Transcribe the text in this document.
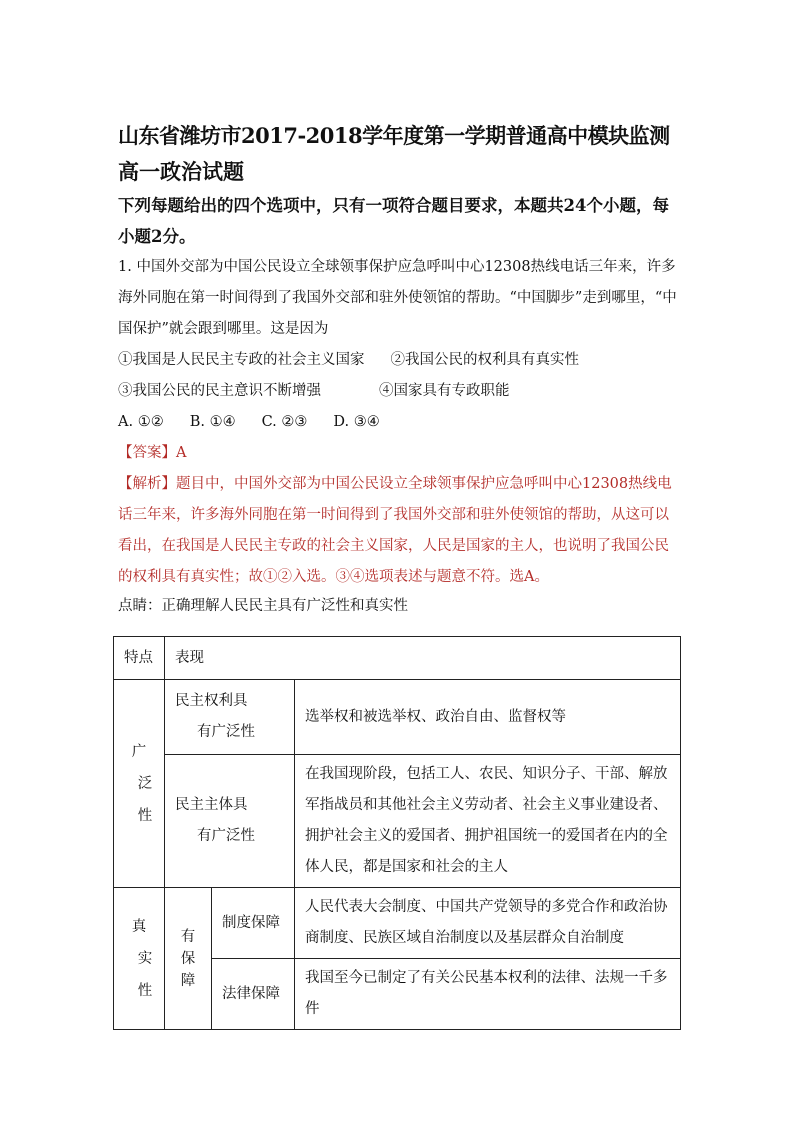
山东省潍坊市2017-2018学年度第一学期普通高中模块监测

高一政治试题

下列每题给出的四个选项中，只有一项符合题目要求，本题共24个小题，每小题2分。

1. 中国外交部为中国公民设立全球领事保护应急呼叫中心12308热线电话三年来，许多海外同胞在第一时间得到了我国外交部和驻外使领馆的帮助。“中国脚步”走到哪里，“中国保护”就会跟到哪里。这是因为

①我国是人民民主专政的社会主义国家 ②我国公民的权利具有真实性

③我国公民的民主意识不断增强	④国家具有专政职能

A. ①② B. ①④ C. ②③ D. ③④

【答案】A

【解析】题目中，中国外交部为中国公民设立全球领事保护应急呼叫中心12308热线电话三年来，许多海外同胞在第一时间得到了我国外交部和驻外使领馆的帮助，从这可以看出，在我国是人民民主专政的社会主义国家，人民是国家的主人，也说明了我国公民的权利具有真实性；故①②入选。③④选项表述与题意不符。选A。

点睛：正确理解人民民主具有广泛性和真实性

特点	表现		

广
泛
性	民主权利具
有广泛性		选举权和被选举权、政治自由、监督权等

	民主主体具
有广泛性		在我国现阶段，包括工人、农民、知识分子、干部、解放军指战员和其他社会主义劳动者、社会主义事业建设者、拥护社会主义的爱国者、拥护祖国统一的爱国者在内的全体人民，都是国家和社会的主人

真
实
性	有
保
障	制度保障	人民代表大会制度、中国共产党领导的多党合作和政治协商制度、民族区域自治制度以及基层群众自治制度
		法律保障	我国至今已制定了有关公民基本权利的法律、法规一千多件
